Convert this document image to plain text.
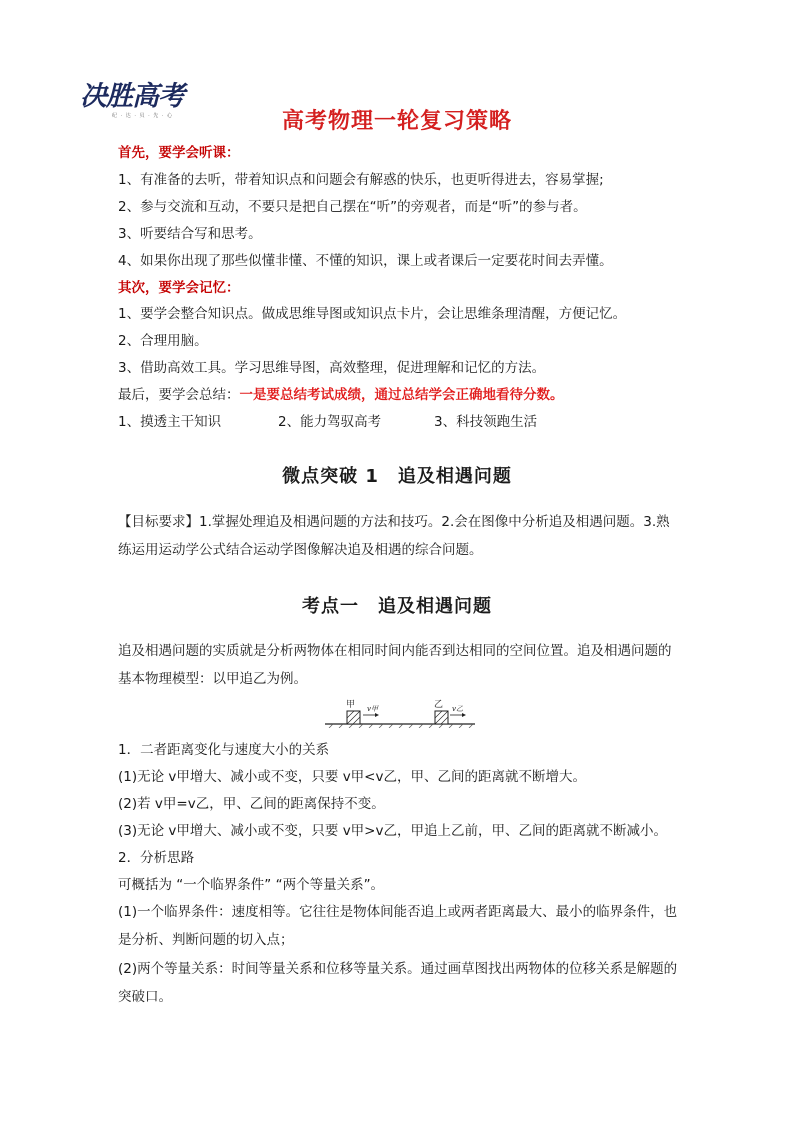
决胜高考
纪 · 达 · 贝 · 先 · 心	高考物理一轮复习策略
首先，要学会听课：
1、有准备的去听，带着知识点和问题会有解惑的快乐，也更听得进去，容易掌握;
2、参与交流和互动，不要只是把自己摆在“听”的旁观者，而是“听”的参与者。
3、听要结合写和思考。
4、如果你出现了那些似懂非懂、不懂的知识，课上或者课后一定要花时间去弄懂。
其次，要学会记忆：
1、要学会整合知识点。做成思维导图或知识点卡片，会让思维条理清醒，方便记忆。
2、合理用脑。
3、借助高效工具。学习思维导图，高效整理，促进理解和记忆的方法。
最后，要学会总结：一是要总结考试成绩，通过总结学会正确地看待分数。
1、摸透主干知识	2、能力驾驭高考	3、科技领跑生活
微点突破 1　追及相遇问题
【目标要求】1.掌握处理追及相遇问题的方法和技巧。2.会在图像中分析追及相遇问题。3.熟练运用运动学公式结合运动学图像解决追及相遇的综合问题。
考点一　追及相遇问题
追及相遇问题的实质就是分析两物体在相同时间内能否到达相同的空间位置。追及相遇问题的基本物理模型：以甲追乙为例。
甲 v甲	乙 v乙
1．二者距离变化与速度大小的关系
(1)无论 v甲增大、减小或不变，只要 v甲<v乙，甲、乙间的距离就不断增大。
(2)若 v甲=v乙，甲、乙间的距离保持不变。
(3)无论 v甲增大、减小或不变，只要 v甲>v乙，甲追上乙前，甲、乙间的距离就不断减小。
2．分析思路
可概括为 “一个临界条件” “两个等量关系”。
(1)一个临界条件：速度相等。它往往是物体间能否追上或两者距离最大、最小的临界条件，也是分析、判断问题的切入点；
(2)两个等量关系：时间等量关系和位移等量关系。通过画草图找出两物体的位移关系是解题的突破口。
